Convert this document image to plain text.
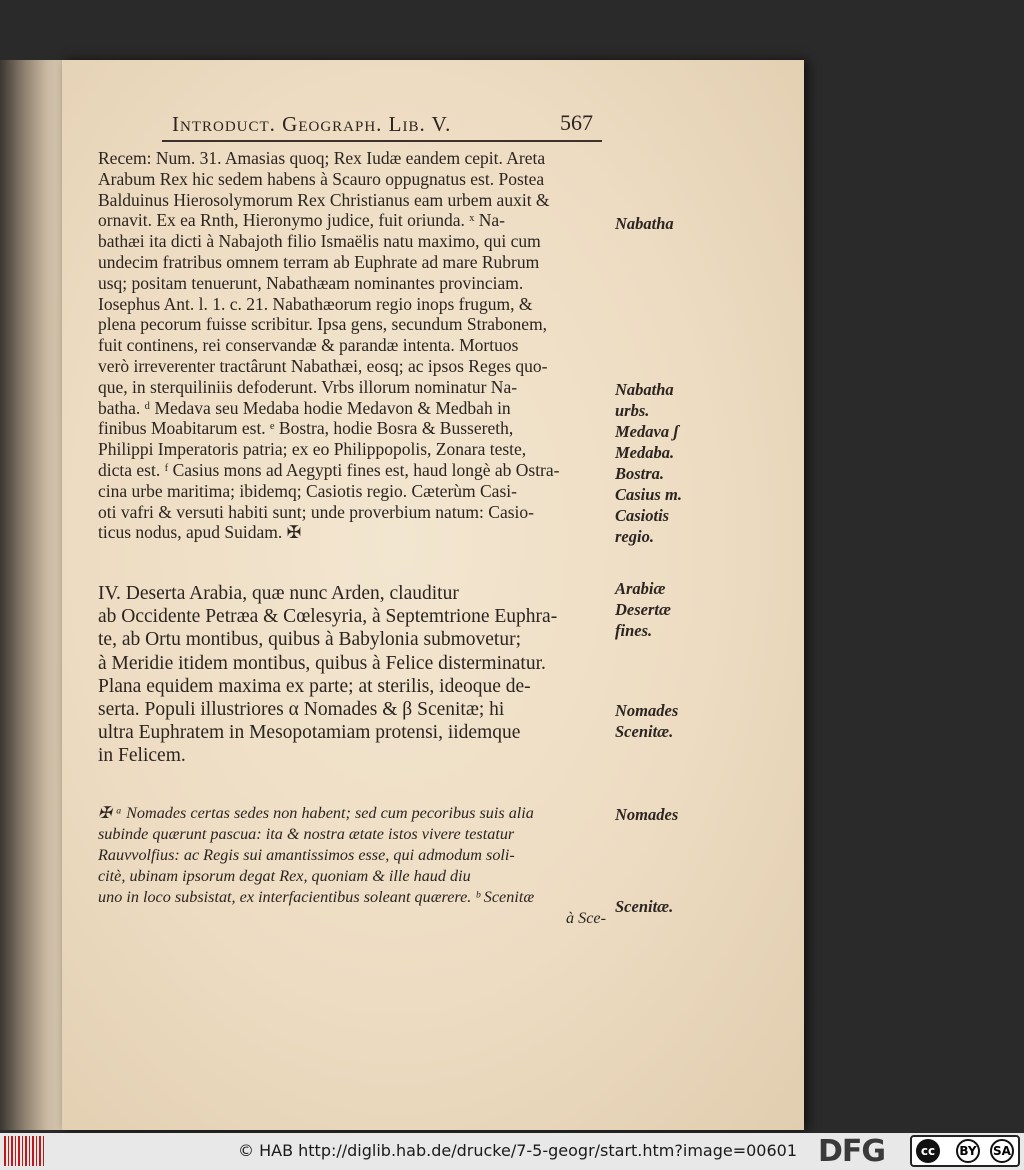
Introduct. Geograph. Lib. V.	567
Recem: Num. 31. Amasias quoq; Rex Iudæ eandem cepit. Areta
Arabum Rex hic sedem habens à Scauro oppugnatus est. Postea
Balduinus Hierosolymorum Rex Christianus eam urbem auxit &
ornavit. Ex ea Rnth, Hieronymo judice, fuit oriunda. ˣ Na-
bathæi ita dicti à Nabajoth filio Ismaëlis natu maximo, qui cum
undecim fratribus omnem terram ab Euphrate ad mare Rubrum
usq; positam tenuerunt, Nabathæam nominantes provinciam.
Iosephus Ant. l. 1. c. 21. Nabathæorum regio inops frugum, &
plena pecorum fuisse scribitur. Ipsa gens, secundum Strabonem,
fuit continens, rei conservandæ & parandæ intenta. Mortuos
verò irreverenter tractârunt Nabathæi, eosq; ac ipsos Reges quo-
que, in sterquiliniis defoderunt. Vrbs illorum nominatur Na-
batha. ᵈ Medava seu Medaba hodie Medavon & Medbah in
finibus Moabitarum est. ᵉ Bostra, hodie Bosra & Bussereth,
Philippi Imperatoris patria; ex eo Philippopolis, Zonara teste,
dicta est. ᶠ Casius mons ad Aegypti fines est, haud longè ab Ostra-
cina urbe maritima; ibidemq; Casiotis regio. Cæterùm Casi-
oti vafri & versuti habiti sunt; unde proverbium natum: Casio-
ticus nodus, apud Suidam. ✠
IV. Deserta Arabia, quæ nunc Arden, clauditur
ab Occidente Petræa & Cœlesyria, à Septemtrione Euphra-
te, ab Ortu montibus, quibus à Babylonia submovetur;
à Meridie itidem montibus, quibus à Felice disterminatur.
Plana equidem maxima ex parte; at sterilis, ideoque de-
serta. Populi illustriores α Nomades & β Scenitæ; hi
ultra Euphratem in Mesopotamiam protensi, iidemque
in Felicem.
✠ ᵃ Nomades certas sedes non habent; sed cum pecoribus suis alia
subinde quærunt pascua: ita & nostra ætate istos vivere testatur
Rauvvolfius: ac Regis sui amantissimos esse, qui admodum soli-
citè, ubinam ipsorum degat Rex, quoniam & ille haud diu
uno in loco subsistat, ex interfacientibus soleant quærere. ᵇ Scenitæ
à Sce-
Nabatha
Nabatha
urbs.
Medava ʃ
Medaba.
Bostra.
Casius m.
Casiotis
regio.
Arabiæ
Desertæ
fines.
Nomades
Scenitæ.
Nomades
Scenitæ.
© HAB http://diglib.hab.de/drucke/7-5-geogr/start.htm?image=00601 DFG	cc	BY SA
